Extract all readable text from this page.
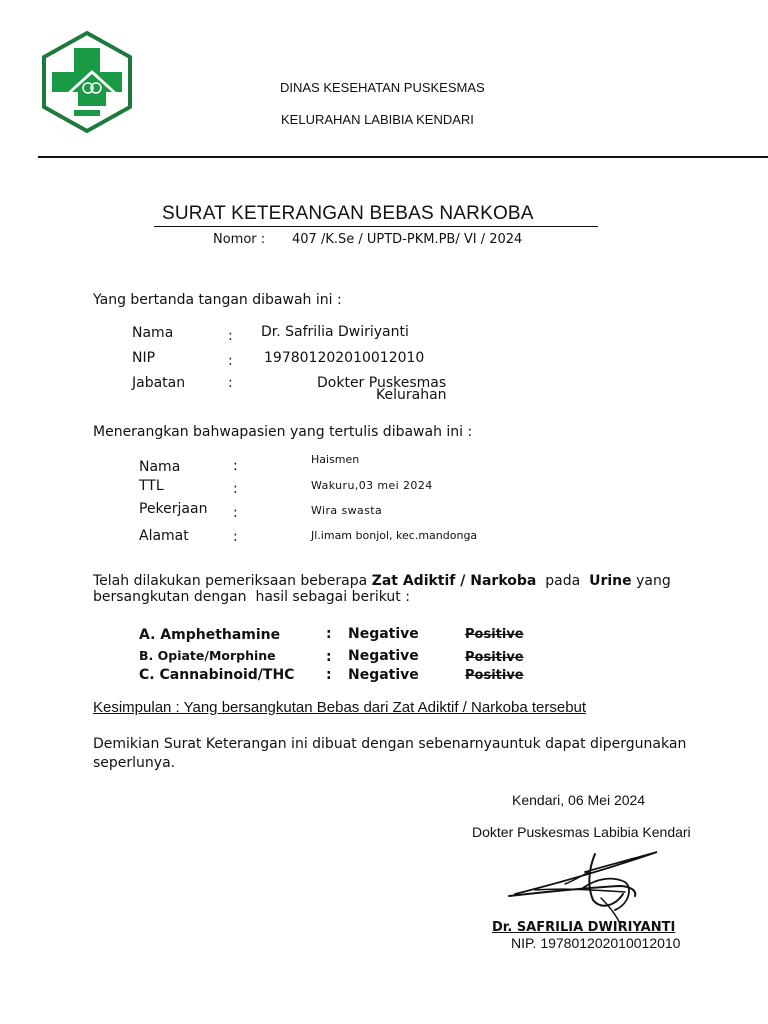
DINAS KESEHATAN PUSKESMAS
KELURAHAN LABIBIA KENDARI
SURAT KETERANGAN BEBAS NARKOBA
Nomor : 407 /K.Se / UPTD-PKM.PB/ VI / 2024
Yang bertanda tangan dibawah ini :
Nama	: Dr. Safrilia Dwiriyanti
NIP	: 197801202010012010
Jabatan	:	Dokter Puskesmas
Kelurahan
Menerangkan bahwapasien yang tertulis dibawah ini :
Nama	:	Haismen
TTL	:	Wakuru,03 mei 2024
Pekerjaan :	Wira swasta
Alamat	:	Jl.imam bonjol, kec.mandonga
Telah dilakukan pemeriksaan beberapa Zat Adiktif / Narkoba  pada  Urine yang
bersangkutan dengan  hasil sebagai berikut :
A. Amphethamine	: Negative	Positive
B. Opiate/Morphine	: Negative	Positive
C. Cannabinoid/THC : Negative	Positive
Kesimpulan : Yang bersangkutan Bebas dari Zat Adiktif / Narkoba tersebut
Demikian Surat Keterangan ini dibuat dengan sebenarnyauntuk dapat dipergunakan
seperlunya.
Kendari, 06 Mei 2024
Dokter Puskesmas Labibia Kendari
Dr. SAFRILIA DWIRIYANTI
NIP. 197801202010012010
